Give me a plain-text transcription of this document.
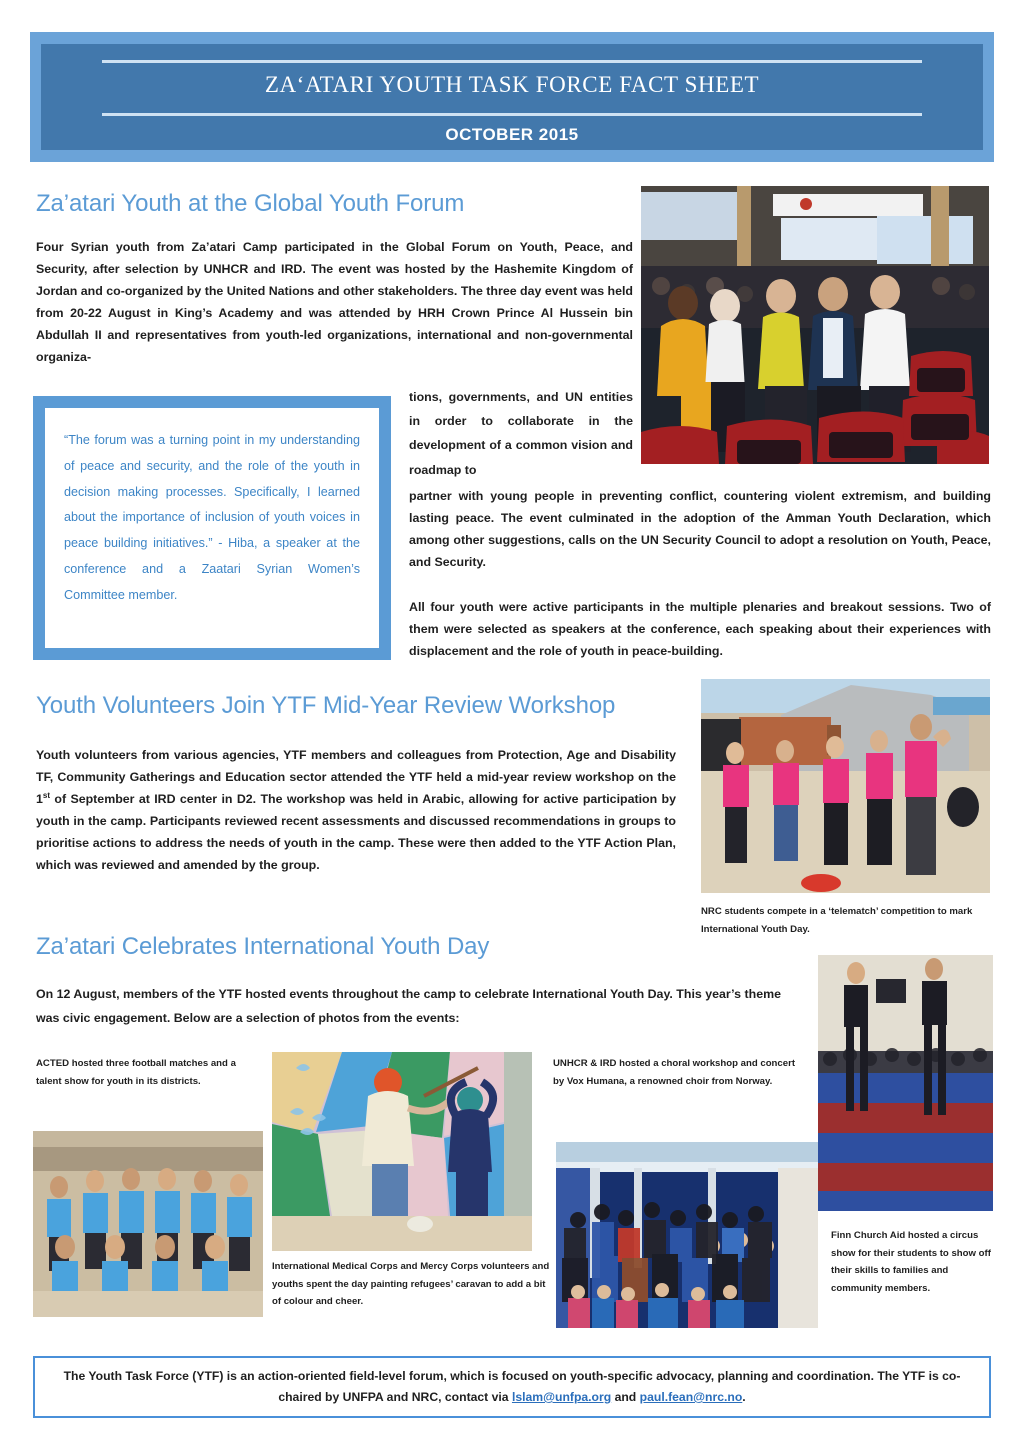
ZA‘ATARI YOUTH TASK FORCE FACT SHEET
OCTOBER 2015
Za’atari Youth at the Global Youth Forum

Four Syrian youth from Za’atari Camp participated in the Global Forum on Youth, Peace, and Security, after selection by UNHCR and IRD. The event was hosted by the Hashemite Kingdom of Jordan and co-organized by the United Nations and other stakeholders. The three day event was held from 20-22 August in King’s Academy and was attended by HRH Crown Prince Al Hussein bin Abdullah II and representatives from youth-led organizations, international and non-governmental organiza-

tions, governments, and UN entities in order to collaborate in the development of a common vision and roadmap to

partner with young people in preventing conflict, countering violent extremism, and building lasting peace. The event culminated in the adoption of the Amman Youth Declaration, which among other suggestions, calls on the UN Security Council to adopt a resolution on Youth, Peace, and Security.

All four youth were active participants in the multiple plenaries and breakout sessions. Two of them were selected as speakers at the conference, each speaking about their experiences with displacement and the role of youth in peace-building.

“The forum was a turning point in my understanding of peace and security, and the role of the youth in decision making processes. Specifically, I learned about the importance of inclusion of youth voices in peace building initiatives.” - Hiba, a speaker at the conference and a Zaatari Syrian Women’s Committee member.
Youth Volunteers Join YTF Mid-Year Review Workshop

Youth volunteers from various agencies, YTF members and colleagues from Protection, Age and Disability TF, Community Gatherings and Education sector attended the YTF held a mid-year review workshop on the 1st of September at IRD center in D2. The workshop was held in Arabic, allowing for active participation by youth in the camp. Participants reviewed recent assessments and discussed recommendations in groups to prioritise actions to address the needs of youth in the camp. These were then added to the YTF Action Plan, which was reviewed and amended by the group.

NRC students compete in a ‘telematch’ competition to mark International Youth Day.
Za’atari Celebrates International Youth Day

On 12 August, members of the YTF hosted events throughout the camp to celebrate International Youth Day. This year’s theme was civic engagement. Below are a selection of photos from the events:

ACTED hosted three football matches and a talent show for youth in its districts.
UNHCR & IRD hosted a choral workshop and concert by Vox Humana, a renowned choir from Norway.
International Medical Corps and Mercy Corps volunteers and youths spent the day painting refugees’ caravan to add a bit of colour and cheer.
Finn Church Aid hosted a circus show for their students to show off their skills to families and community members.
The Youth Task Force (YTF) is an action-oriented field-level forum, which is focused on youth-specific advocacy, planning and coordination. The YTF is co-chaired by UNFPA and NRC, contact via lslam@unfpa.org and paul.fean@nrc.no.
